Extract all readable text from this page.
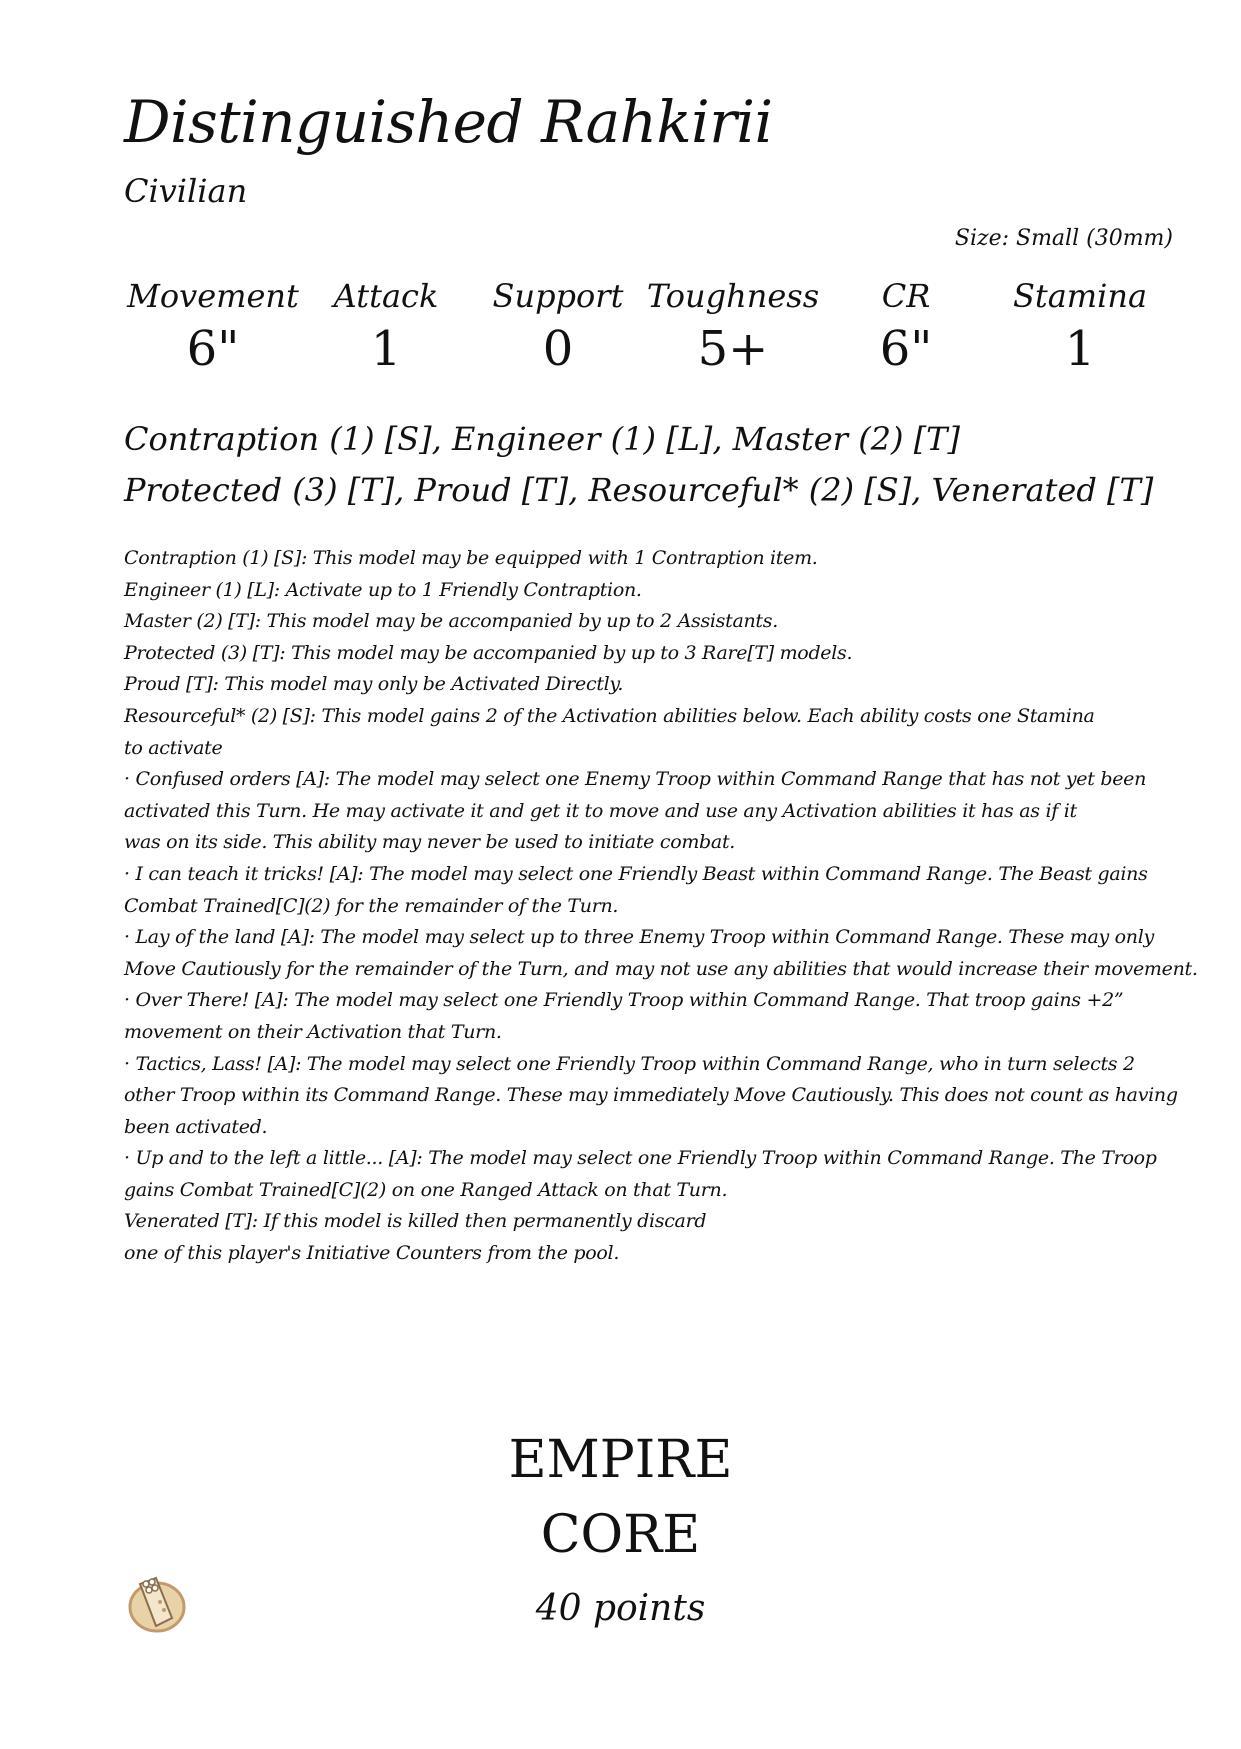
Distinguished Rahkirii
Civilian
Size: Small (30mm)
Movement
6"
Attack
1
Support
0
Toughness
5+
CR
6"
Stamina
1
Contraption (1) [S], Engineer (1) [L], Master (2) [T]
Protected (3) [T], Proud [T], Resourceful* (2) [S], Venerated [T]
Contraption (1) [S]: This model may be equipped with 1 Contraption item.
Engineer (1) [L]: Activate up to 1 Friendly Contraption.
Master (2) [T]: This model may be accompanied by up to 2 Assistants.
Protected (3) [T]: This model may be accompanied by up to 3 Rare[T] models.
Proud [T]: This model may only be Activated Directly.
Resourceful* (2) [S]: This model gains 2 of the Activation abilities below. Each ability costs one Stamina
to activate
· Confused orders [A]: The model may select one Enemy Troop within Command Range that has not yet been
activated this Turn. He may activate it and get it to move and use any Activation abilities it has as if it
was on its side. This ability may never be used to initiate combat.
· I can teach it tricks! [A]: The model may select one Friendly Beast within Command Range. The Beast gains
Combat Trained[C](2) for the remainder of the Turn.
· Lay of the land [A]: The model may select up to three Enemy Troop within Command Range. These may only
Move Cautiously for the remainder of the Turn, and may not use any abilities that would increase their movement.
· Over There! [A]: The model may select one Friendly Troop within Command Range. That troop gains +2”
movement on their Activation that Turn.
· Tactics, Lass! [A]: The model may select one Friendly Troop within Command Range, who in turn selects 2
other Troop within its Command Range. These may immediately Move Cautiously. This does not count as having
been activated.
· Up and to the left a little... [A]: The model may select one Friendly Troop within Command Range. The Troop
gains Combat Trained[C](2) on one Ranged Attack on that Turn.
Venerated [T]: If this model is killed then permanently discard
one of this player's Initiative Counters from the pool.
EMPIRE
CORE
40 points
